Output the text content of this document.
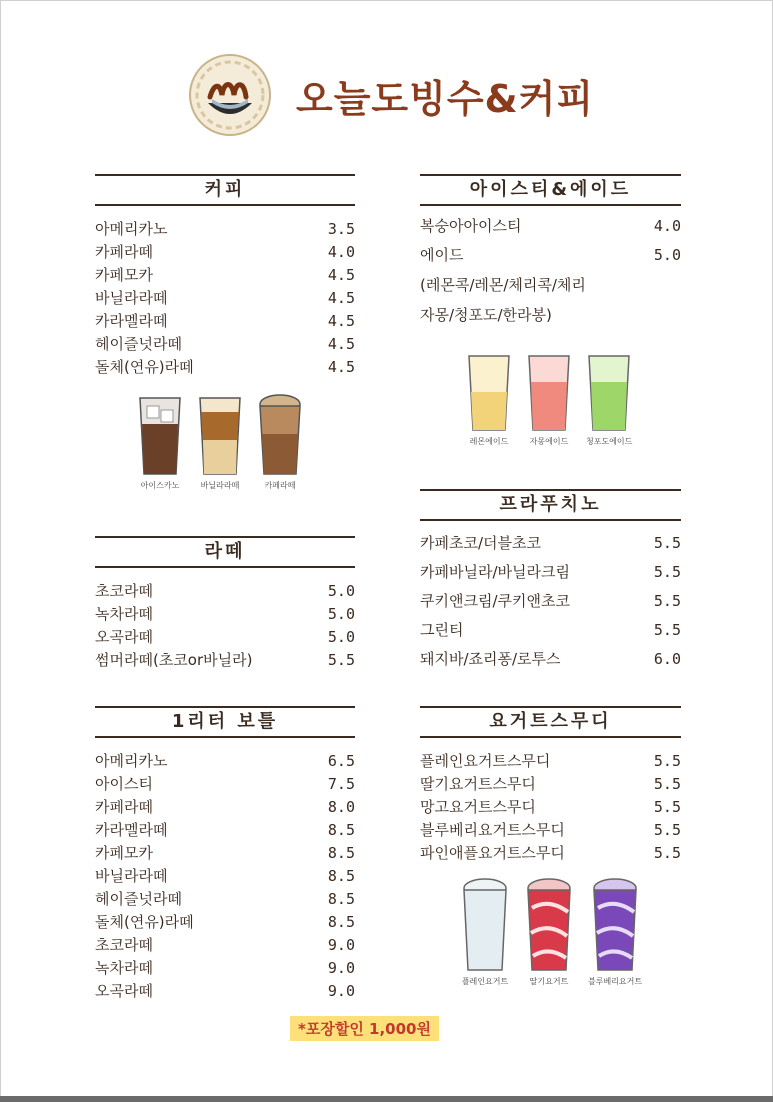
오늘도빙수&커피
커피
아메리카노	3.5
카페라떼	4.0
카페모카	4.5
바닐라라떼	4.5
카라멜라떼	4.5
헤이즐넛라떼	4.5
돌체(연유)라떼	4.5
아이스카노	바닐라라떼	카페라떼
라떼
초코라떼	5.0
녹차라떼	5.0
오곡라떼	5.0
썸머라떼(초코or바닐라)	5.5
1리터 보틀
아메리카노	6.5
아이스티	7.5
카페라떼	8.0
카라멜라떼	8.5
카페모카	8.5
바닐라라떼	8.5
헤이즐넛라떼	8.5
돌체(연유)라떼	8.5
초코라떼	9.0
녹차라떼	9.0
오곡라떼	9.0
아이스티&에이드
복숭아아이스티	4.0
에이드	5.0
(레몬콕/레몬/체리콕/체리
자몽/청포도/한라봉)
레몬에이드	자몽에이드 청포도에이드
프라푸치노
카페초코/더블초코	5.5
카페바닐라/바닐라크림	5.5
쿠키앤크림/쿠키앤초코	5.5
그린티	5.5
돼지바/죠리퐁/로투스	6.0
요거트스무디
플레인요거트스무디	5.5
딸기요거트스무디	5.5
망고요거트스무디	5.5
블루베리요거트스무디	5.5
파인애플요거트스무디	5.5
플레인요거트	딸기요거트 블루베리요거트
*포장할인 1,000원
